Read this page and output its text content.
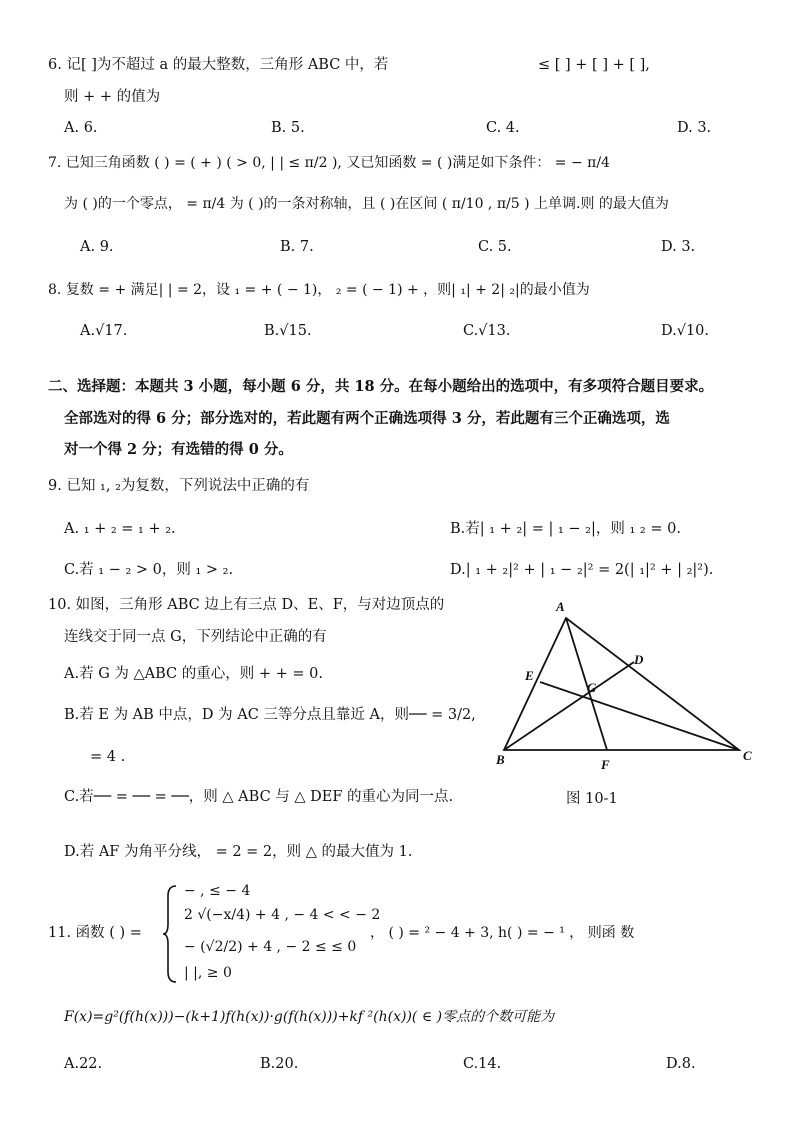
6. 记[ ]为不超过 a 的最大整数，三角形 ABC 中，若	≤ [ ] + [ ] + [ ],
则 + + 的值为
A. 6.	B. 5.	C. 4.	D. 3.
7. 已知三角函数 ( ) = ( + ) ( > 0, | | ≤ π/2 ), 又已知函数 = ( )满足如下条件： = − π/4
为 ( )的一个零点， = π/4 为 ( )的一条对称轴，且 ( )在区间 ( π/10 , π/5 ) 上单调.则 的最大值为
A. 9.	B. 7.	C. 5.	D. 3.
8. 复数 = + 满足| | = 2，设 ₁ = + ( − 1)， ₂ = ( − 1) + ，则| ₁| + 2| ₂|的最小值为
A.√17.	B.√15.	C.√13.	D.√10.
二、选择题：本题共 3 小题，每小题 6 分，共 18 分。在每小题给出的选项中，有多项符合题目要求。
全部选对的得 6 分；部分选对的，若此题有两个正确选项得 3 分，若此题有三个正确选项，选
对一个得 2 分；有选错的得 0 分。
9. 已知 ₁, ₂为复数，下列说法中正确的有
A. ₁ + ₂ = ₁ + ₂.	B.若| ₁ + ₂| = | ₁ − ₂|，则 ₁ ₂ = 0.
C.若 ₁ − ₂ > 0，则 ₁ > ₂.	D.| ₁ + ₂|² + | ₁ − ₂|² = 2(| ₁|² + | ₂|²).
10. 如图，三角形 ABC 边上有三点 D、E、F，与对边顶点的
连线交于同一点 G，下列结论中正确的有
A.若 G 为 △ABC 的重心，则 + + = 0.
B.若 E 为 AB 中点，D 为 AC 三等分点且靠近 A，则── = 3/2,
= 4 .
C.若── = ── = ──，则 △ ABC 与 △ DEF 的重心为同一点.
D.若 AF 为角平分线， = 2 = 2，则 △ 的最大值为 1.
A
B	C
D
E
F
G
图 10-1
11. 函数 ( ) =
− , ≤ − 4
2 √(−x/4) + 4 , − 4 < < − 2
− (√2/2) + 4 , − 2 ≤ ≤ 0
| |, ≥ 0
， ( ) = ² − 4 + 3, h( ) = − ¹ ， 则函 数
F(x)=g²(f(h(x)))−(k+1)f(h(x))·g(f(h(x)))+kf ²(h(x))( ∈ )零点的个数可能为
A.22.	B.20.	C.14.	D.8.
